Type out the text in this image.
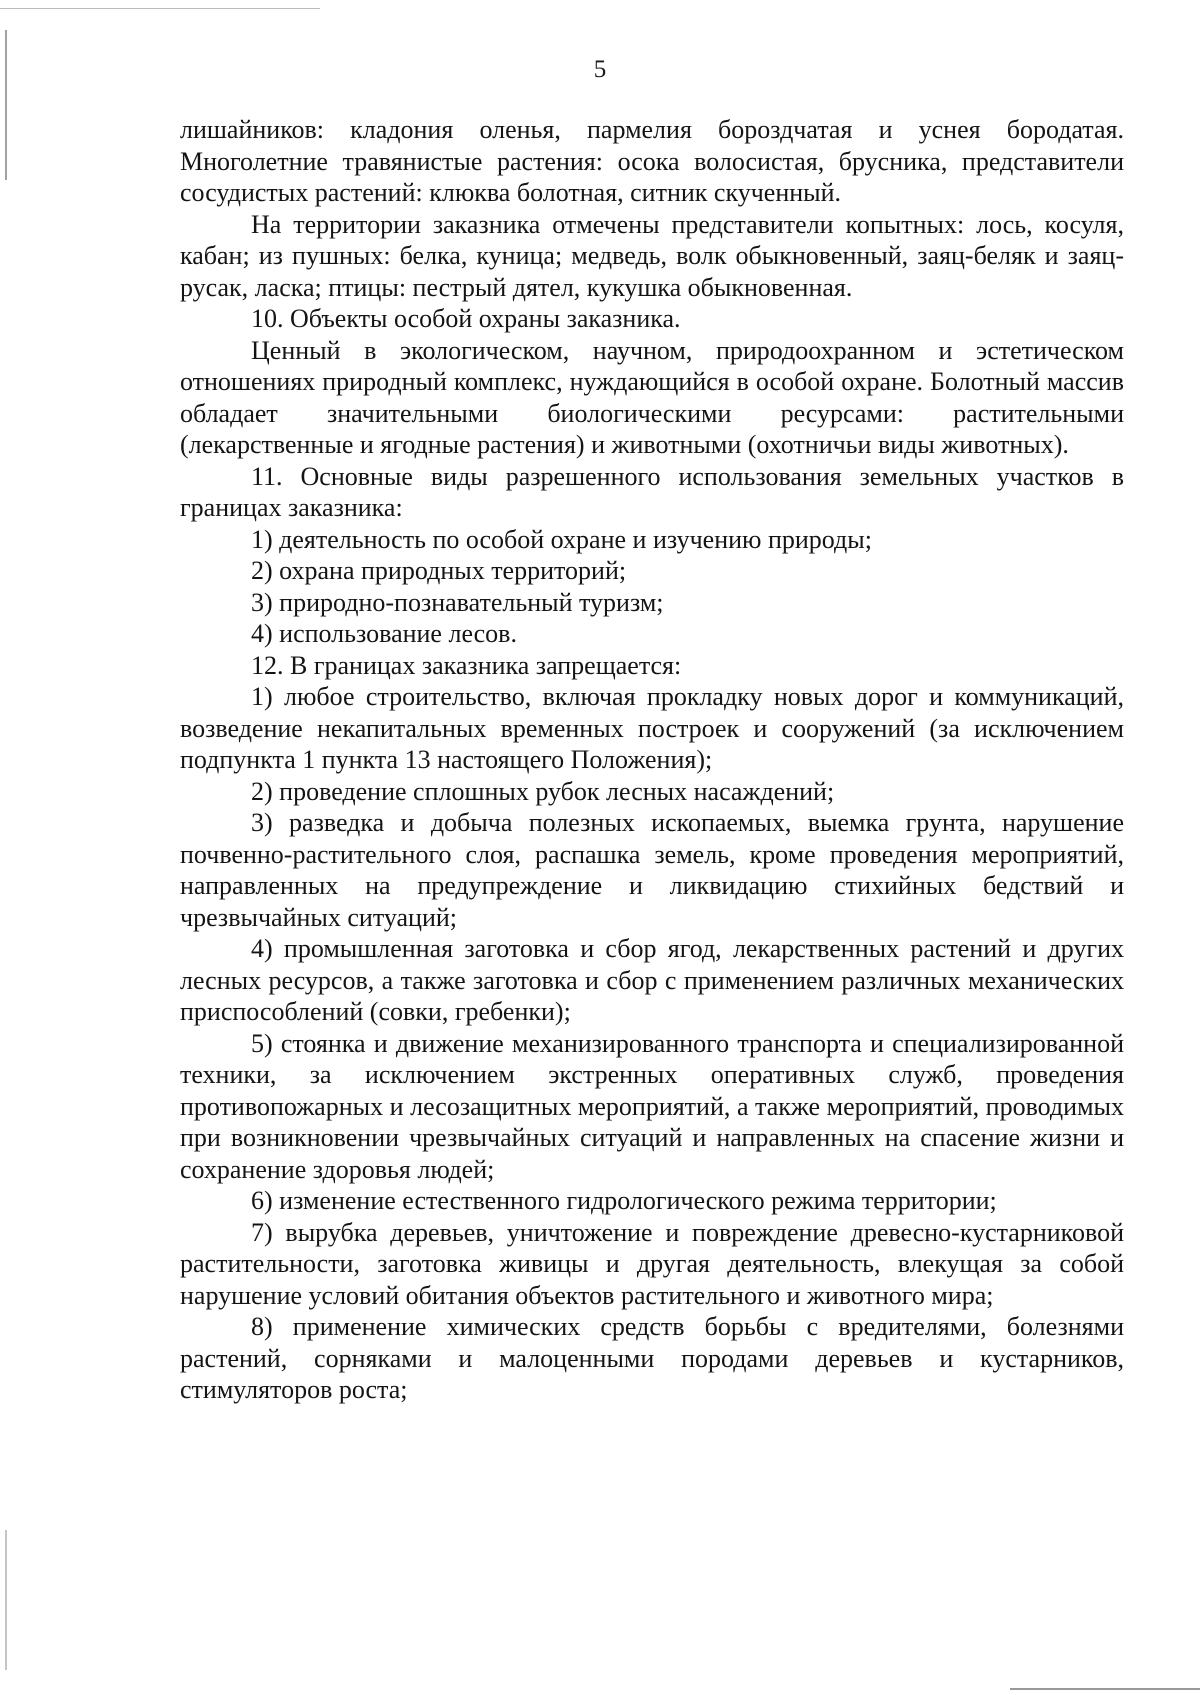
5

лишайников: кладония оленья, пармелия бороздчатая и уснея бородатая. Многолетние травянистые растения: осока волосистая, брусника, представители сосудистых растений: клюква болотная, ситник скученный.

На территории заказника отмечены представители копытных: лось, косуля, кабан; из пушных: белка, куница; медведь, волк обыкновенный, заяц-беляк и заяц-русак, ласка; птицы: пестрый дятел, кукушка обыкновенная.

10. Объекты особой охраны заказника.

Ценный в экологическом, научном, природоохранном и эстетическом отношениях природный комплекс, нуждающийся в особой охране. Болотный массив обладает значительными биологическими ресурсами: растительными (лекарственные и ягодные растения) и животными (охотничьи виды животных).

11. Основные виды разрешенного использования земельных участков в границах заказника:

1) деятельность по особой охране и изучению природы;

2) охрана природных территорий;

3) природно-познавательный туризм;

4) использование лесов.

12. В границах заказника запрещается:

1) любое строительство, включая прокладку новых дорог и коммуникаций, возведение некапитальных временных построек и сооружений (за исключением подпункта 1 пункта 13 настоящего Положения);

2) проведение сплошных рубок лесных насаждений;

3) разведка и добыча полезных ископаемых, выемка грунта, нарушение почвенно-растительного слоя, распашка земель, кроме проведения мероприятий, направленных на предупреждение и ликвидацию стихийных бедствий и чрезвычайных ситуаций;

4) промышленная заготовка и сбор ягод, лекарственных растений и других лесных ресурсов, а также заготовка и сбор с применением различных механических приспособлений (совки, гребенки);

5) стоянка и движение механизированного транспорта и специализированной техники, за исключением экстренных оперативных служб, проведения противопожарных и лесозащитных мероприятий, а также мероприятий, проводимых при возникновении чрезвычайных ситуаций и направленных на спасение жизни и сохранение здоровья людей;

6) изменение естественного гидрологического режима территории;

7) вырубка деревьев, уничтожение и повреждение древесно-кустарниковой растительности, заготовка живицы и другая деятельность, влекущая за собой нарушение условий обитания объектов растительного и животного мира;

8) применение химических средств борьбы с вредителями, болезнями растений, сорняками и малоценными породами деревьев и кустарников, стимуляторов роста;
